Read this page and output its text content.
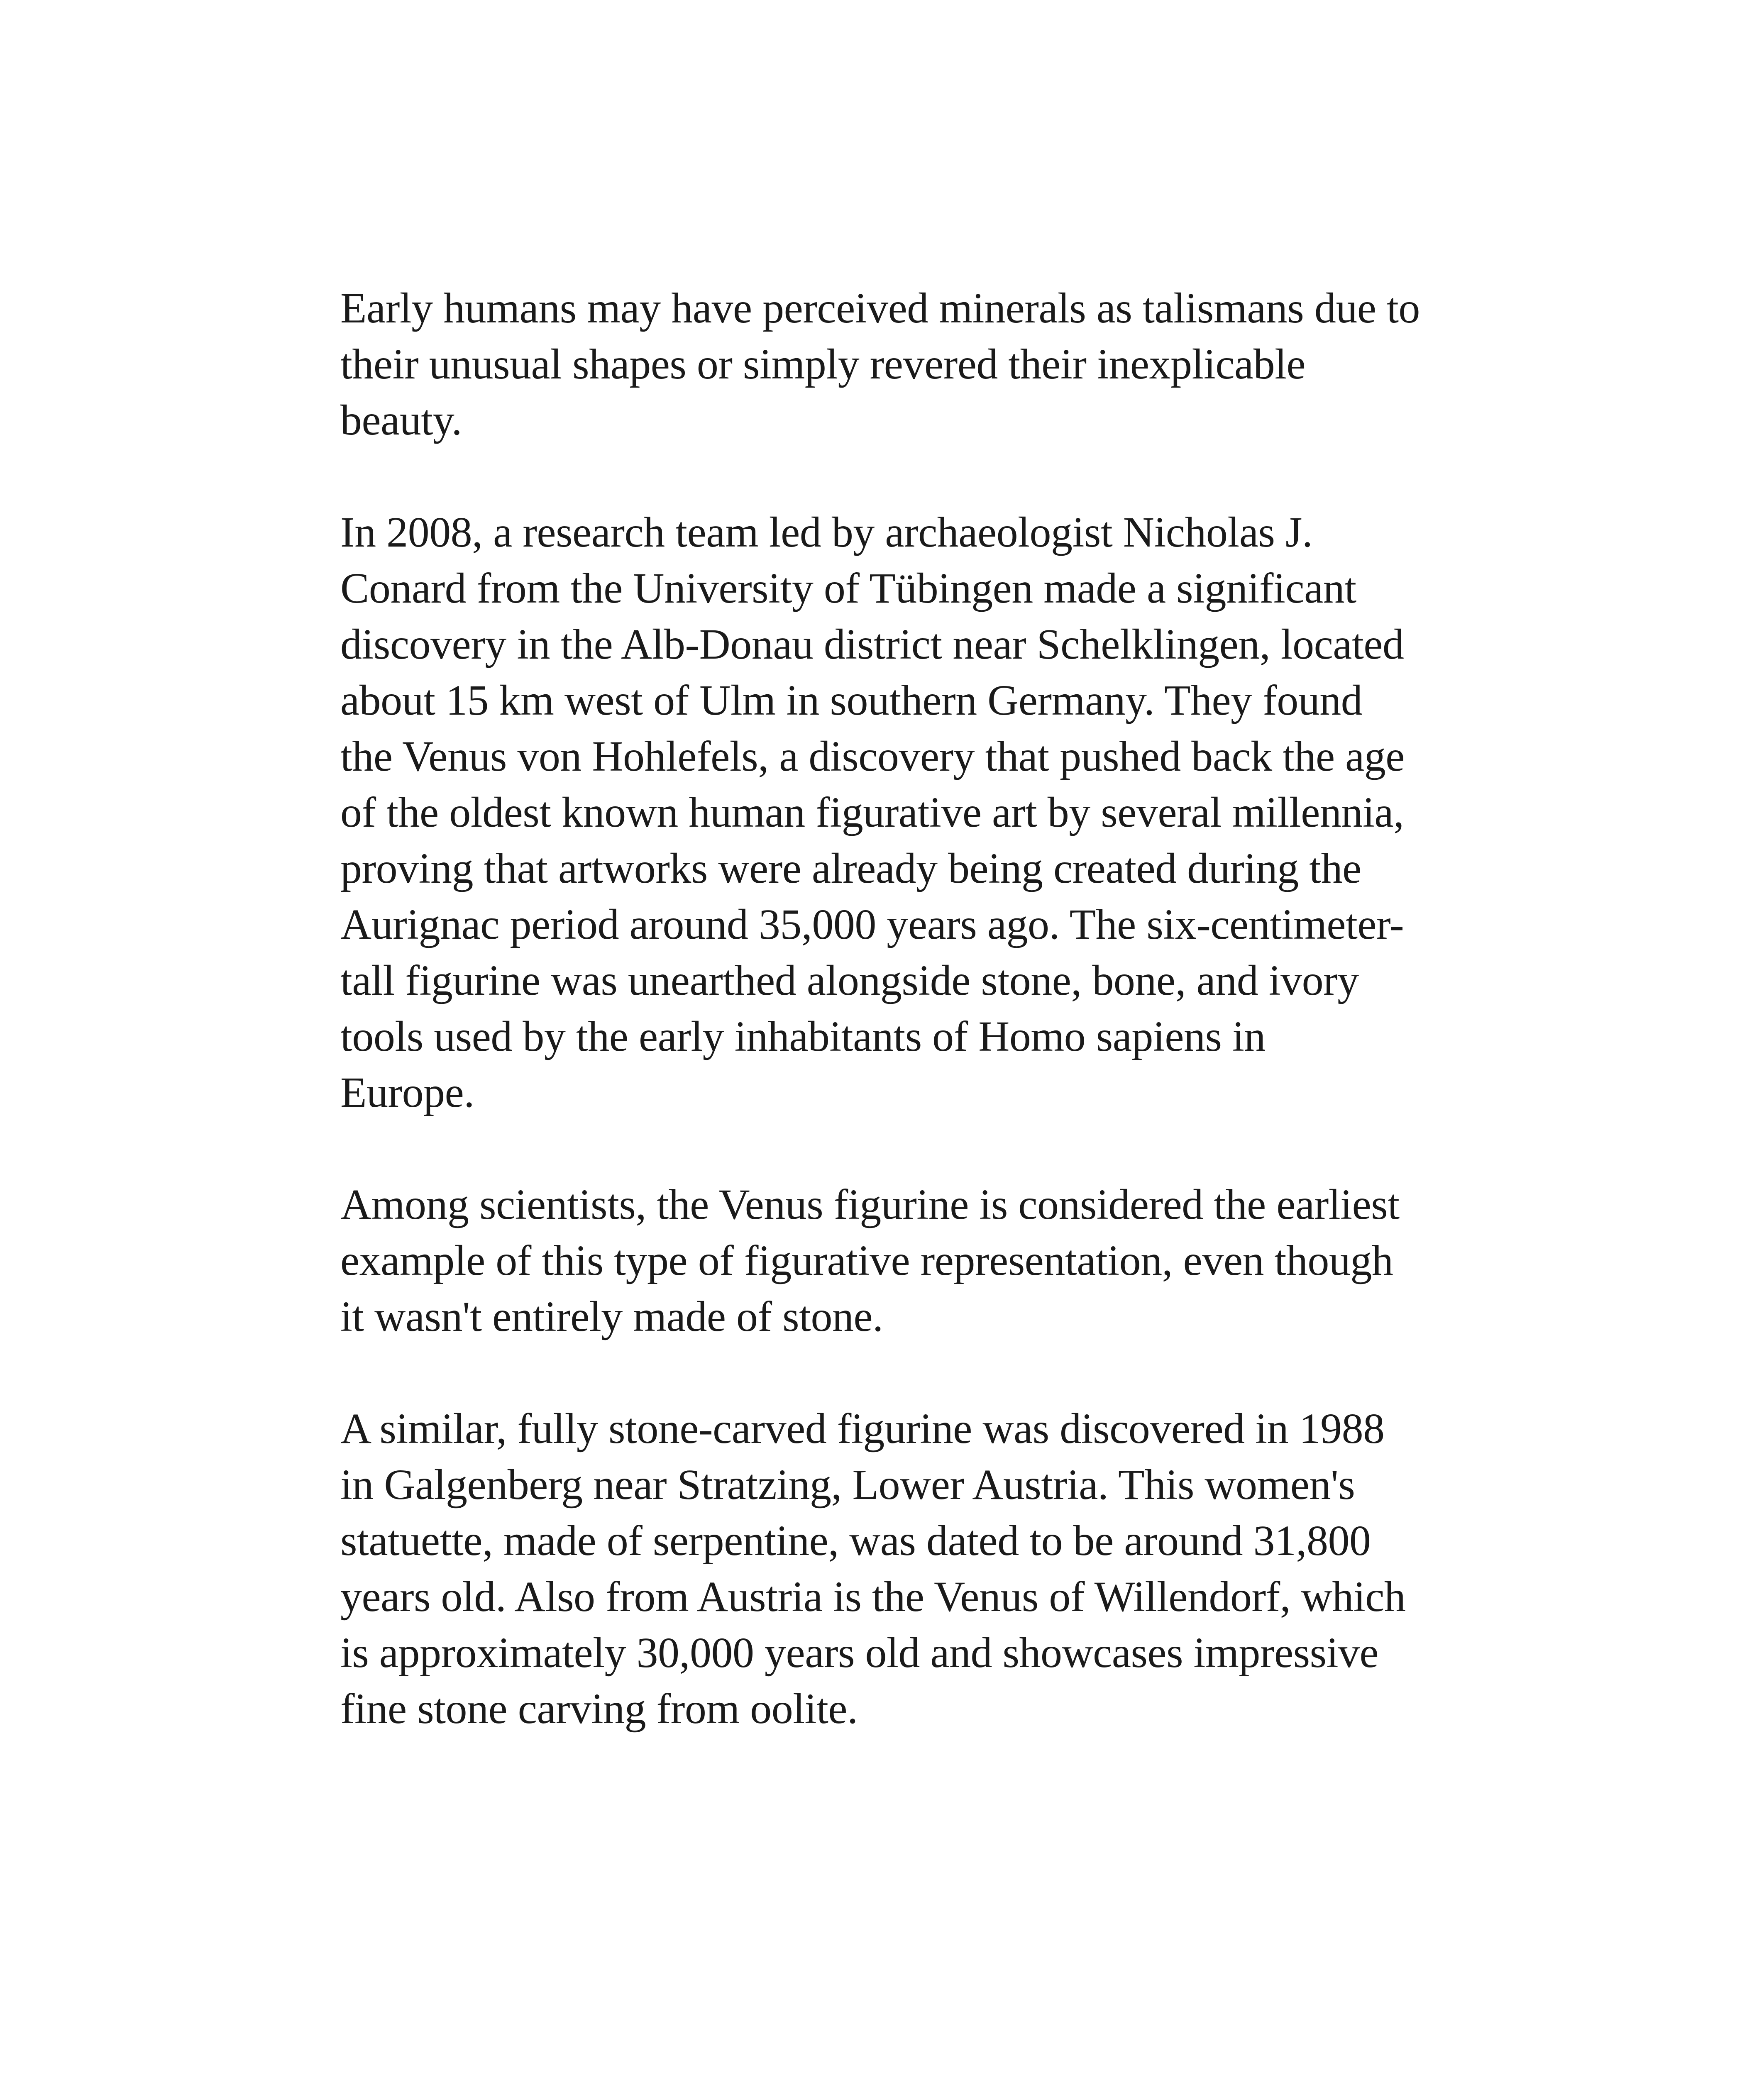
Early humans may have perceived minerals as talismans due to
their unusual shapes or simply revered their inexplicable
beauty.

In 2008, a research team led by archaeologist Nicholas J.
Conard from the University of Tübingen made a significant
discovery in the Alb-Donau district near Schelklingen, located
about 15 km west of Ulm in southern Germany. They found
the Venus von Hohlefels, a discovery that pushed back the age
of the oldest known human figurative art by several millennia,
proving that artworks were already being created during the
Aurignac period around 35,000 years ago. The six-centimeter-
tall figurine was unearthed alongside stone, bone, and ivory
tools used by the early inhabitants of Homo sapiens in
Europe.

Among scientists, the Venus figurine is considered the earliest
example of this type of figurative representation, even though
it wasn't entirely made of stone.

A similar, fully stone-carved figurine was discovered in 1988
in Galgenberg near Stratzing, Lower Austria. This women's
statuette, made of serpentine, was dated to be around 31,800
years old. Also from Austria is the Venus of Willendorf, which
is approximately 30,000 years old and showcases impressive
fine stone carving from oolite.
